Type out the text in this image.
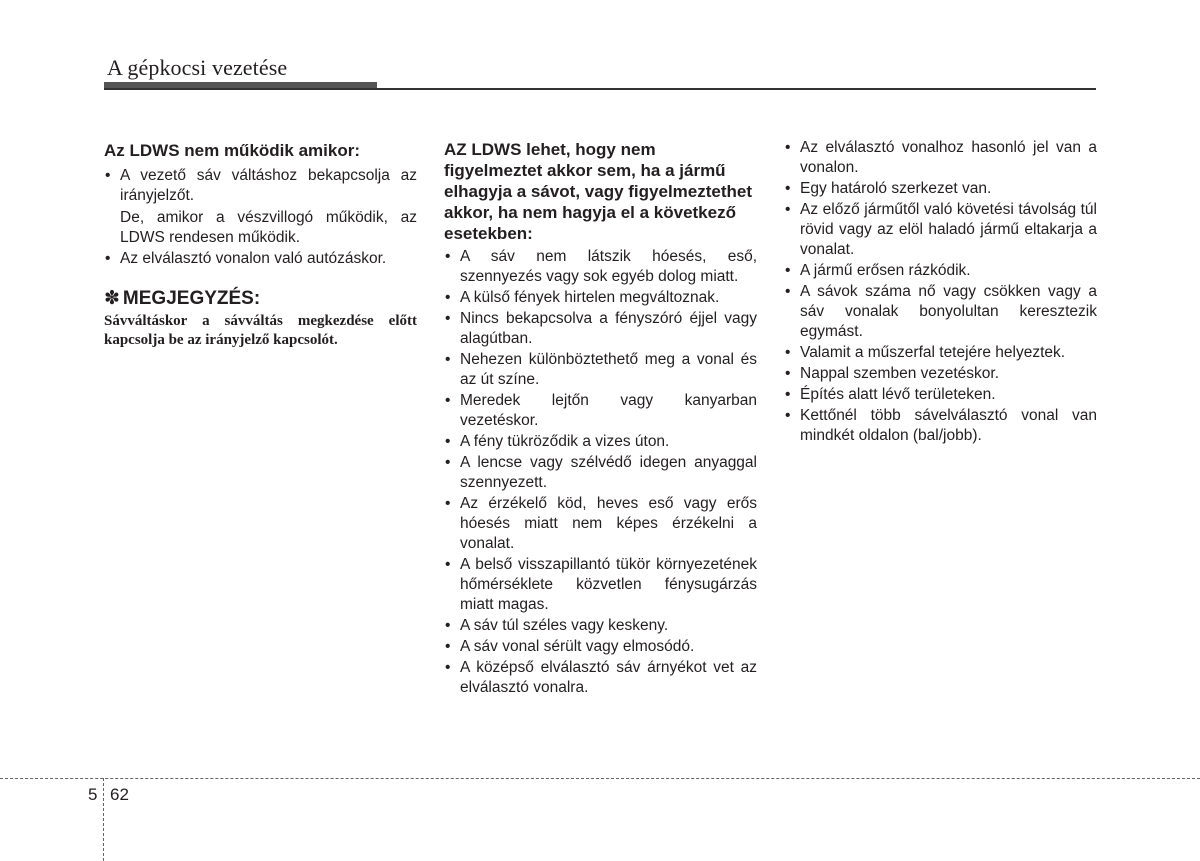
A gépkocsi vezetése
Az LDWS nem működik amikor:
• A vezető sáv váltáshoz bekapcsolja az irányjelzőt.
De, amikor a vészvillogó működik, az LDWS rendesen működik.
• Az elválasztó vonalon való autózáskor.
✽ MEGJEGYZÉS:
Sávváltáskor a sávváltás megkezdése előtt kapcsolja be az irányjelző kapcsolót.
AZ LDWS lehet, hogy nem figyelmeztet akkor sem, ha a jármű elhagyja a sávot, vagy figyelmeztethet akkor, ha nem hagyja el a következő esetekben:
• A sáv nem látszik hóesés, eső, szennyezés vagy sok egyéb dolog miatt.
• A külső fények hirtelen megváltoznak.
• Nincs bekapcsolva a fényszóró éjjel vagy alagútban.
• Nehezen különböztethető meg a vonal és az út színe.
• Meredek lejtőn vagy kanyarban vezetéskor.
• A fény tükröződik a vizes úton.
• A lencse vagy szélvédő idegen anyaggal szennyezett.
• Az érzékelő köd, heves eső vagy erős hóesés miatt nem képes érzékelni a vonalat.
• A belső visszapillantó tükör környezetének hőmérséklete közvetlen fénysugárzás miatt magas.
• A sáv túl széles vagy keskeny.
• A sáv vonal sérült vagy elmosódó.
• A középső elválasztó sáv árnyékot vet az elválasztó vonalra.
• Az elválasztó vonalhoz hasonló jel van a vonalon.
• Egy határoló szerkezet van.
• Az előző járműtől való követési távolság túl rövid vagy az elöl haladó jármű eltakarja a vonalat.
• A jármű erősen rázkódik.
• A sávok száma nő vagy csökken vagy a sáv vonalak bonyolultan keresztezik egymást.
• Valamit a műszerfal tetejére helyeztek.
• Nappal szemben vezetéskor.
• Építés alatt lévő területeken.
• Kettőnél több sávelválasztó vonal van mindkét oldalon (bal/jobb).
5 62
